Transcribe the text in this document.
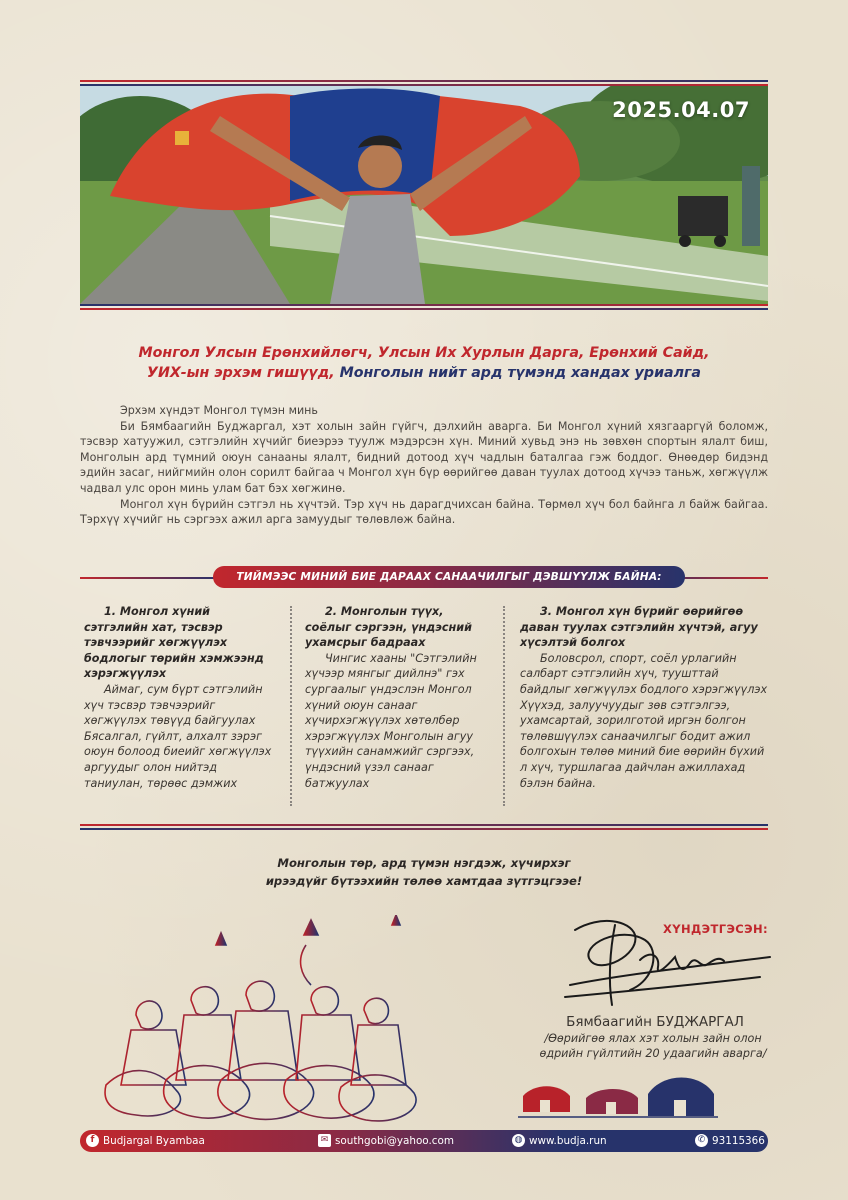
2025.04.07
Монгол Улсын Ерөнхийлөгч, Улсын Их Хурлын Дарга, Ерөнхий Сайд,
УИХ-ын эрхэм гишүүд, Монголын нийт ард түмэнд хандах уриалга

Эрхэм хүндэт Монгол түмэн минь

Би Бямбаагийн Буджаргал, хэт холын зайн гүйгч, дэлхийн аварга. Би Монгол хүний хязгааргүй боломж, тэсвэр хатуужил, сэтгэлийн хүчийг биеэрээ туулж мэдэрсэн хүн. Миний хувьд энэ нь зөвхөн спортын ялалт биш, Монголын ард түмний оюун санааны ялалт, бидний дотоод хүч чадлын баталгаа гэж боддог. Өнөөдөр бидэнд эдийн засаг, нийгмийн олон сорилт байгаа ч Монгол хүн бүр өөрийгөө даван туулах дотоод хүчээ таньж, хөгжүүлж чадвал улс орон минь улам бат бэх хөгжинө.

Монгол хүн бүрийн сэтгэл нь хүчтэй. Тэр хүч нь дарагдчихсан байна. Төрмөл хүч бол байнга л байж байгаа. Тэрхүү хүчийг нь сэргээх ажил арга замуудыг төлөвлөж байна.

ТИЙМЭЭС МИНИЙ БИЕ ДАРААХ САНААЧИЛГЫГ ДЭВШҮҮЛЖ БАЙНА:
1. Монгол хүний сэтгэлийн хат, тэсвэр тэвчээрийг хөгжүүлэх бодлогыг төрийн хэмжээнд хэрэгжүүлэх
Аймаг, сум бүрт сэтгэлийн хүч тэсвэр тэвчээрийг хөгжүүлэх төвүүд байгуулах Бясалгал, гүйлт, алхалт зэрэг оюун болоод биеийг хөгжүүлэх аргуудыг олон нийтэд таниулан, төрөөс дэмжих
2. Монголын түүх, соёлыг сэргээн, үндэсний ухамсрыг бадраах
Чингис хааны "Сэтгэлийн хүчээр мянгыг дийлнэ" гэх сургаалыг үндэслэн Монгол хүний оюун санааг хүчирхэгжүүлэх хөтөлбөр хэрэгжүүлэх Монголын агуу түүхийн санамжийг сэргээх, үндэсний үзэл санааг батжуулах
3. Монгол хүн бүрийг өөрийгөө даван туулах сэтгэлийн хүчтэй, агуу хүсэлтэй болгох
Боловсрол, спорт, соёл урлагийн салбарт сэтгэлийн хүч, туушттай байдлыг хөгжүүлэх бодлого хэрэгжүүлэх Хүүхэд, залуучуудыг зөв сэтгэлгээ, ухамсартай, зорилготой иргэн болгон төлөвшүүлэх санаачилгыг бодит ажил болгохын төлөө миний бие өөрийн бүхий л хүч, туршлагаа дайчлан ажиллахад бэлэн байна.
Монголын төр, ард түмэн нэгдэж, хүчирхэг
ирээдүйг бүтээхийн төлөө хамтдаа зүтгэцгээе!
ХҮНДЭТГЭСЭН:
Бямбаагийн БУДЖАРГАЛ
/Өөрийгөө ялах хэт холын зайн олон
өдрийн гүйлтийн 20 удаагийн аварга/
f Budjargal Byambaa	✉ southgobi@yahoo.com	◍ www.budja.run	✆ 93115366
